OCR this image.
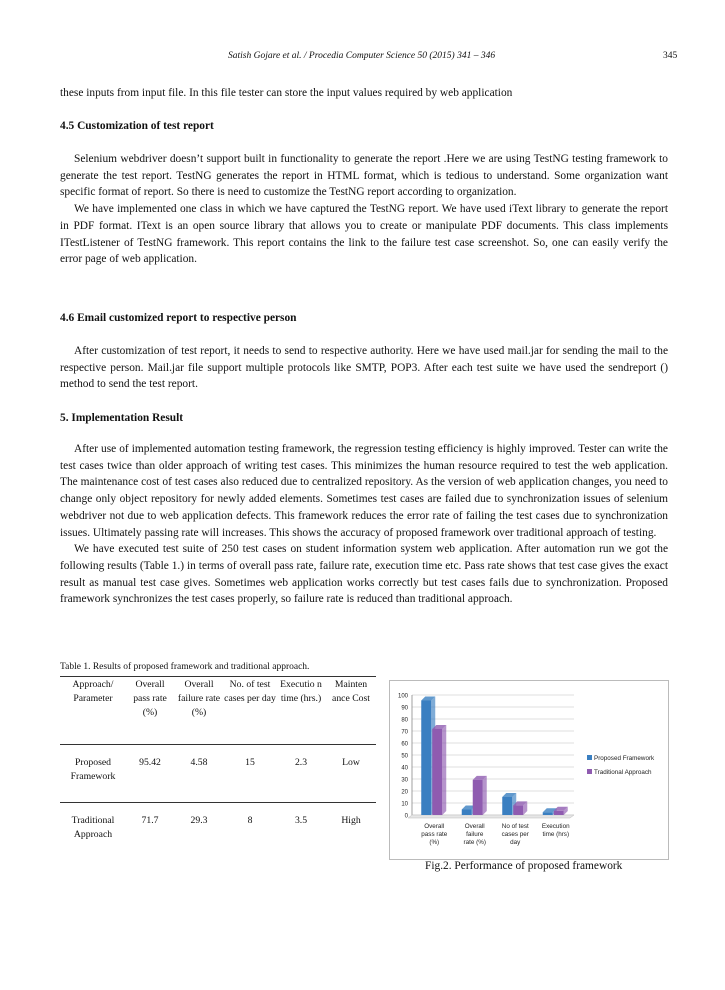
Satish Gojare et al. / Procedia Computer Science 50 (2015) 341 – 346	345

these inputs from input file. In this file tester can store the input values required by web application

4.5 Customization of test report

Selenium webdriver doesn’t support built in functionality to generate the report .Here we are using TestNG testing framework to generate the test report. TestNG generates the report in HTML format, which is tedious to understand. Some organization want specific format of report. So there is need to customize the TestNG report according to organization.

We have implemented one class in which we have captured the TestNG report. We have used iText library to generate the report in PDF format. IText is an open source library that allows you to create or manipulate PDF documents. This class implements ITestListener of TestNG framework. This report contains the link to the failure test case screenshot. So, one can easily verify the error page of web application.

4.6 Email customized report to respective person

After customization of test report, it needs to send to respective authority. Here we have used mail.jar for sending the mail to the respective person. Mail.jar file support multiple protocols like SMTP, POP3. After each test suite we have used the sendreport () method to send the test report.

5. Implementation Result

After use of implemented automation testing framework, the regression testing efficiency is highly improved. Tester can write the test cases twice than older approach of writing test cases. This minimizes the human resource required to test the web application. The maintenance cost of test cases also reduced due to centralized repository. As the version of web application changes, you need to change only object repository for newly added elements. Sometimes test cases are failed due to synchronization issues of selenium webdriver not due to web application defects. This framework reduces the error rate of failing the test cases due to synchronization issues. Ultimately passing rate will increases. This shows the accuracy of proposed framework over traditional approach of testing.

We have executed test suite of 250 test cases on student information system web application. After automation run we got the following results (Table 1.) in terms of overall pass rate, failure rate, execution time etc. Pass rate shows that test case gives the exact result as manual test case gives. Sometimes web application works correctly but test cases fails due to synchronization. Proposed framework synchronizes the test cases properly, so failure rate is reduced than traditional approach.

Table 1. Results of proposed framework and traditional approach.
Approach/ Parameter	Overall pass rate (%)	Overall failure rate (%)	No. of test cases per day	Executio n time (hrs.)	Mainten ance Cost
Proposed Framework	95.42	4.58	15	2.3	Low
Traditional Approach	71.7	29.3	8	3.5	High	0
10
20
30
40
50
60
70
80
90
100
Overall
pass rate
(%)
Overall
failure
rate (%)
No of test
cases per
day
Execution
time (hrs)
Proposed Framework
Traditional Approach
Fig.2. Performance of proposed framework
